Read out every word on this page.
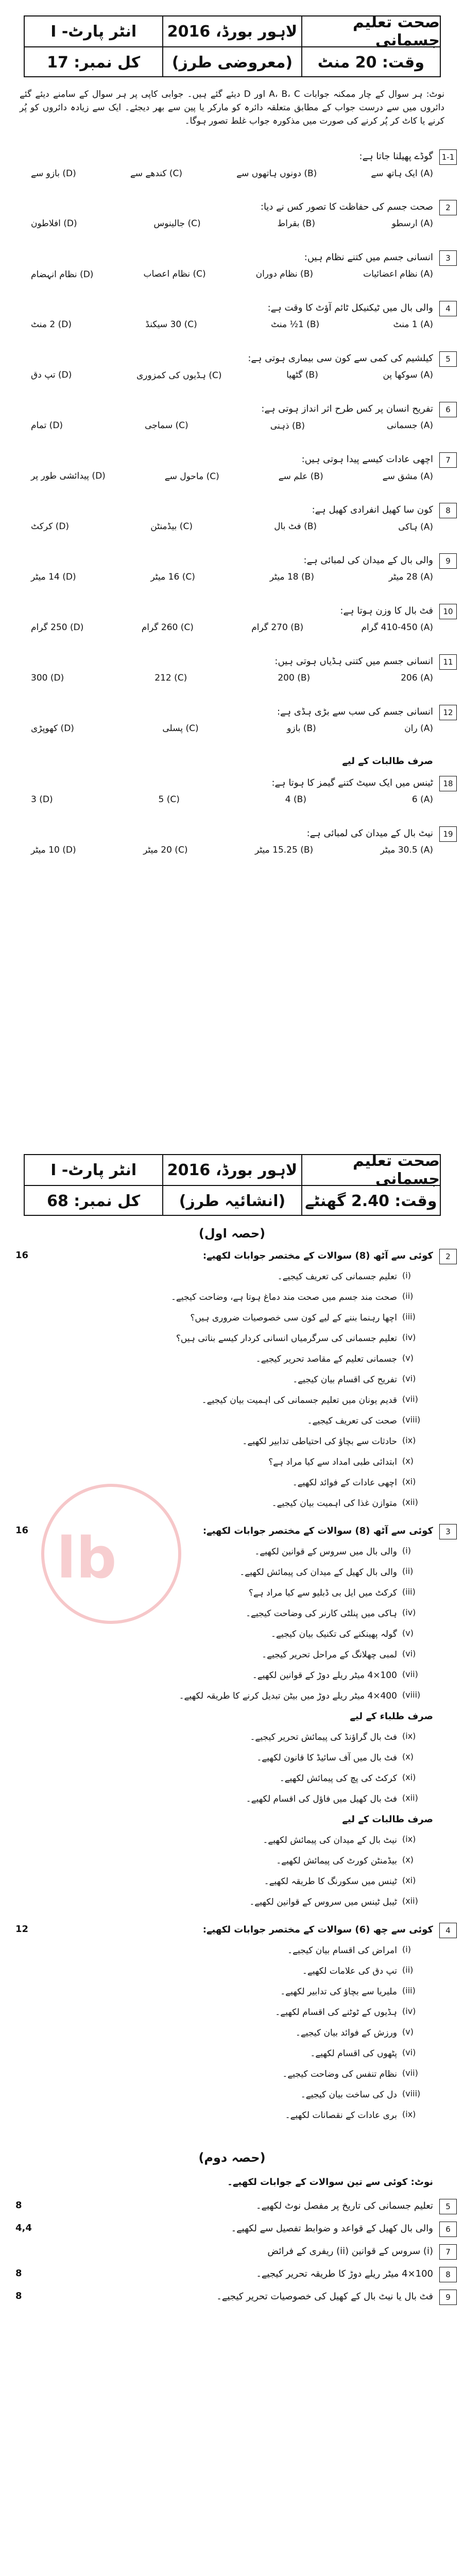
صحت تعلیم جسمانی
لاہور بورڈ، 2016
انٹر پارٹ- I
وقت: 20 منٹ
(معروضی طرز)
کل نمبر: 17
نوٹ: ہر سوال کے چار ممکنہ جوابات A، B، C اور D دیئے گئے ہیں۔ جوابی کاپی پر ہر سوال کے سامنے دیئے گئے دائروں میں سے درست جواب کے مطابق متعلقہ دائرہ کو مارکر یا پین سے بھر دیجئے۔ ایک سے زیادہ دائروں کو پُر کرنے یا کاٹ کر پُر کرنے کی صورت میں مذکورہ جواب غلط تصور ہوگا۔
1-1
گوڈے پھیلنا جاتا ہے:
(A) ایک ہاتھ سے
(B) دونوں ہاتھوں سے
(C) کندھے سے
(D) بازو سے
2
صحت جسم کی حفاظت کا تصور کس نے دیا:
(A) ارسطو
(B) بقراط
(C) جالینوس
(D) افلاطون
3
انسانی جسم میں کتنے نظام ہیں:
(A) نظام اعضائیات
(B) نظام دوران
(C) نظام اعصاب
(D) نظام انہضام
4
والی بال میں ٹیکنیکل ٹائم آؤٹ کا وقت ہے:
(A) 1 منٹ
(B) 1½ منٹ
(C) 30 سیکنڈ
(D) 2 منٹ
5
کیلشیم کی کمی سے کون سی بیماری ہوتی ہے:
(A) سوکھا پن
(B) گٹھیا
(C) ہڈیوں کی کمزوری
(D) تپ دق
6
تفریح انسان پر کس طرح اثر انداز ہوتی ہے:
(A) جسمانی
(B) ذہنی
(C) سماجی
(D) تمام
7
اچھی عادات کیسے پیدا ہوتی ہیں:
(A) مشق سے
(B) علم سے
(C) ماحول سے
(D) پیدائشی طور پر
8
کون سا کھیل انفرادی کھیل ہے:
(A) ہاکی
(B) فٹ بال
(C) بیڈمنٹن
(D) کرکٹ
9
والی بال کے میدان کی لمبائی ہے:
(A) 28 میٹر
(B) 18 میٹر
(C) 16 میٹر
(D) 14 میٹر
10
فٹ بال کا وزن ہوتا ہے:
(A) 410-450 گرام
(B) 270 گرام
(C) 260 گرام
(D) 250 گرام
11
انسانی جسم میں کتنی ہڈیاں ہوتی ہیں:
(A) 206
(B) 200
(C) 212
(D) 300
12
انسانی جسم کی سب سے بڑی ہڈی ہے:
(A) ران
(B) بازو
(C) پسلی
(D) کھوپڑی
صرف طالبات کے لیے
18
ٹینس میں ایک سیٹ کتنے گیمز کا ہوتا ہے:
(A) 6
(B) 4
(C) 5
(D) 3
19
نیٹ بال کے میدان کی لمبائی ہے:
(A) 30.5 میٹر
(B) 15.25 میٹر
(C) 20 میٹر
(D) 10 میٹر
صحت تعلیم جسمانی
لاہور بورڈ، 2016
انٹر پارٹ- I
وقت: 2.40 گھنٹے
(انشائیہ طرز)
کل نمبر: 68
lb
(حصہ اول)
2
کوئی سے آٹھ (8) سوالات کے مختصر جوابات لکھیے:
16
(i)
تعلیم جسمانی کی تعریف کیجیے۔
(ii)
صحت مند جسم میں صحت مند دماغ ہوتا ہے، وضاحت کیجیے۔
(iii)
اچھا رہنما بننے کے لیے کون سی خصوصیات ضروری ہیں؟
(iv)
تعلیم جسمانی کی سرگرمیاں انسانی کردار کیسے بناتی ہیں؟
(v)
جسمانی تعلیم کے مقاصد تحریر کیجیے۔
(vi)
تفریح کی اقسام بیان کیجیے۔
(vii)
قدیم یونان میں تعلیم جسمانی کی اہمیت بیان کیجیے۔
(viii)
صحت کی تعریف کیجیے۔
(ix)
حادثات سے بچاؤ کی احتیاطی تدابیر لکھیے۔
(x)
ابتدائی طبی امداد سے کیا مراد ہے؟
(xi)
اچھی عادات کے فوائد لکھیے۔
(xii)
متوازن غذا کی اہمیت بیان کیجیے۔
3
کوئی سے آٹھ (8) سوالات کے مختصر جوابات لکھیے:
16
(i)
والی بال میں سروس کے قوانین لکھیے۔
(ii)
والی بال کھیل کے میدان کی پیمائش لکھیے۔
(iii)
کرکٹ میں ایل بی ڈبلیو سے کیا مراد ہے؟
(iv)
ہاکی میں پنلٹی کارنر کی وضاحت کیجیے۔
(v)
گولہ پھینکنے کی تکنیک بیان کیجیے۔
(vi)
لمبی چھلانگ کے مراحل تحریر کیجیے۔
(vii)
100×4 میٹر ریلے دوڑ کے قوانین لکھیے۔
(viii)
400×4 میٹر ریلے دوڑ میں بیٹن تبدیل کرنے کا طریقہ لکھیے۔
صرف طلباء کے لیے
(ix)
فٹ بال گراؤنڈ کی پیمائش تحریر کیجیے۔
(x)
فٹ بال میں آف سائیڈ کا قانون لکھیے۔
(xi)
کرکٹ کی پچ کی پیمائش لکھیے۔
(xii)
فٹ بال کھیل میں فاؤل کی اقسام لکھیے۔
صرف طالبات کے لیے
(ix)
نیٹ بال کے میدان کی پیمائش لکھیے۔
(x)
بیڈمنٹن کورٹ کی پیمائش لکھیے۔
(xi)
ٹینس میں سکورنگ کا طریقہ لکھیے۔
(xii)
ٹیبل ٹینس میں سروس کے قوانین لکھیے۔
4
کوئی سے چھ (6) سوالات کے مختصر جوابات لکھیے:
12
(i)
امراض کی اقسام بیان کیجیے۔
(ii)
تپ دق کی علامات لکھیے۔
(iii)
ملیریا سے بچاؤ کی تدابیر لکھیے۔
(iv)
ہڈیوں کے ٹوٹنے کی اقسام لکھیے۔
(v)
ورزش کے فوائد بیان کیجیے۔
(vi)
پٹھوں کی اقسام لکھیے۔
(vii)
نظام تنفس کی وضاحت کیجیے۔
(viii)
دل کی ساخت بیان کیجیے۔
(ix)
بری عادات کے نقصانات لکھیے۔
(حصہ دوم)
نوٹ: کوئی سے تین سوالات کے جوابات لکھیے۔
5
تعلیم جسمانی کی تاریخ پر مفصل نوٹ لکھیے۔
8
6
والی بال کھیل کے قواعد و ضوابط تفصیل سے لکھیے۔
4,4
7
(i) سروس کے قوانین (ii) ریفری کے فرائض
8
100×4 میٹر ریلے دوڑ کا طریقہ تحریر کیجیے۔
8
9
فٹ بال یا نیٹ بال کے کھیل کی خصوصیات تحریر کیجیے۔
8
